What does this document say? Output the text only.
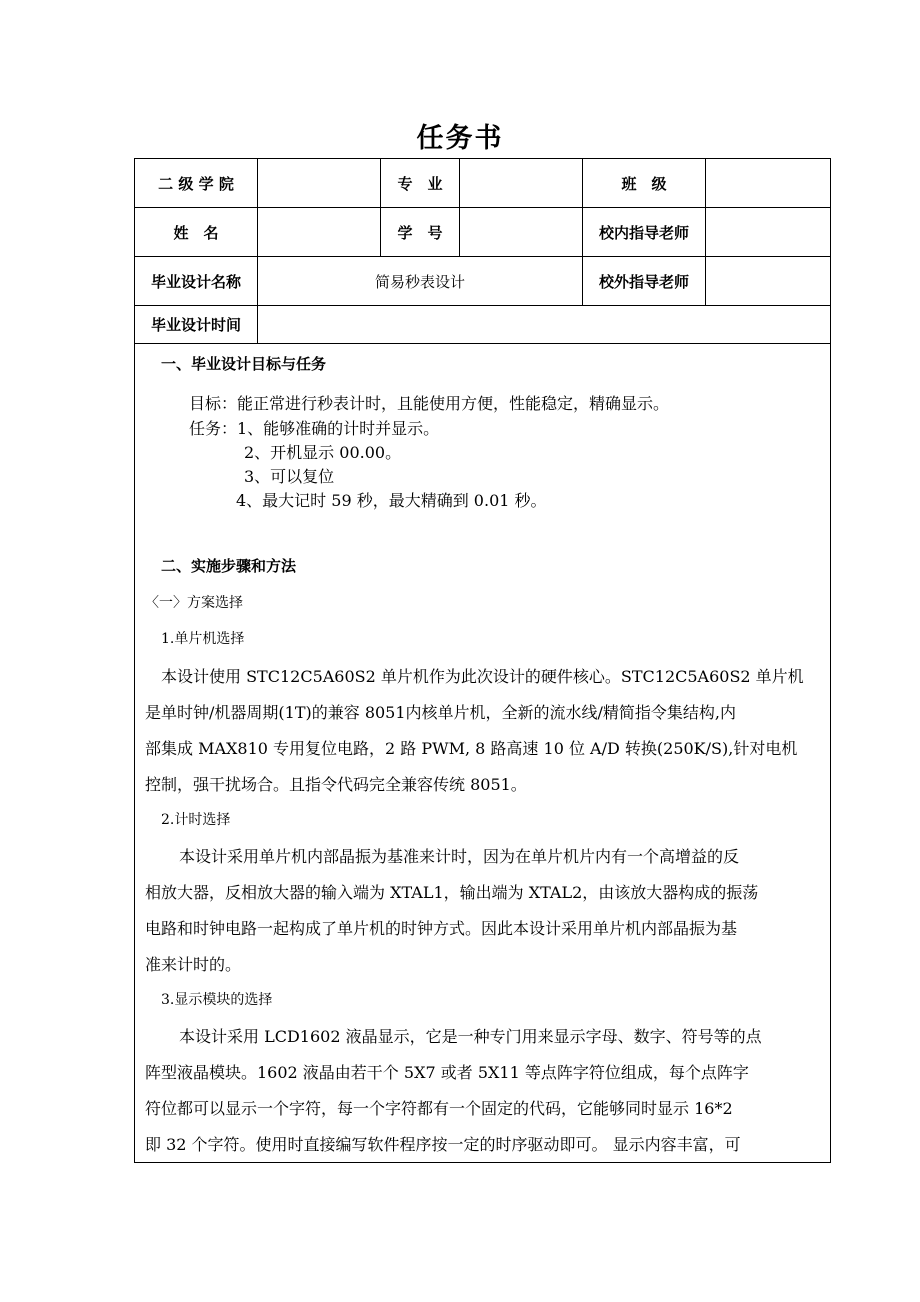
任务书
二 级 学 院		专　业		班　级	
姓　名		学　号		校内指导老师	
毕业设计名称	简易秒表设计			校外指导老师	
毕业设计时间					
一、毕业设计目标与任务
目标：能正常进行秒表计时，且能使用方便，性能稳定，精确显示。
任务：1、能够准确的计时并显示。
2、开机显示 00.00。
3、可以复位
4、最大记时 59 秒，最大精确到 0.01 秒。
二、实施步骤和方法
〈一〉方案选择
1.单片机选择
本设计使用 STC12C5A60S2 单片机作为此次设计的硬件核心。STC12C5A60S2 单片机
是单时钟/机器周期(1T)的兼容 8051内核单片机，全新的流水线/精简指令集结构,内
部集成 MAX810 专用复位电路，2 路 PWM, 8 路高速 10 位 A/D 转换(250K/S),针对电机
控制，强干扰场合。且指令代码完全兼容传统 8051。
2.计时选择
本设计采用单片机内部晶振为基准来计时，因为在单片机片内有一个高增益的反
相放大器，反相放大器的输入端为 XTAL1，输出端为 XTAL2，由该放大器构成的振荡
电路和时钟电路一起构成了单片机的时钟方式。因此本设计采用单片机内部晶振为基
准来计时的。
3.显示模块的选择
本设计采用 LCD1602 液晶显示，它是一种专门用来显示字母、数字、符号等的点
阵型液晶模块。1602 液晶由若干个 5X7 或者 5X11 等点阵字符位组成，每个点阵字
符位都可以显示一个字符，每一个字符都有一个固定的代码，它能够同时显示 16*2
即 32 个字符。使用时直接编写软件程序按一定的时序驱动即可。 显示内容丰富，可
